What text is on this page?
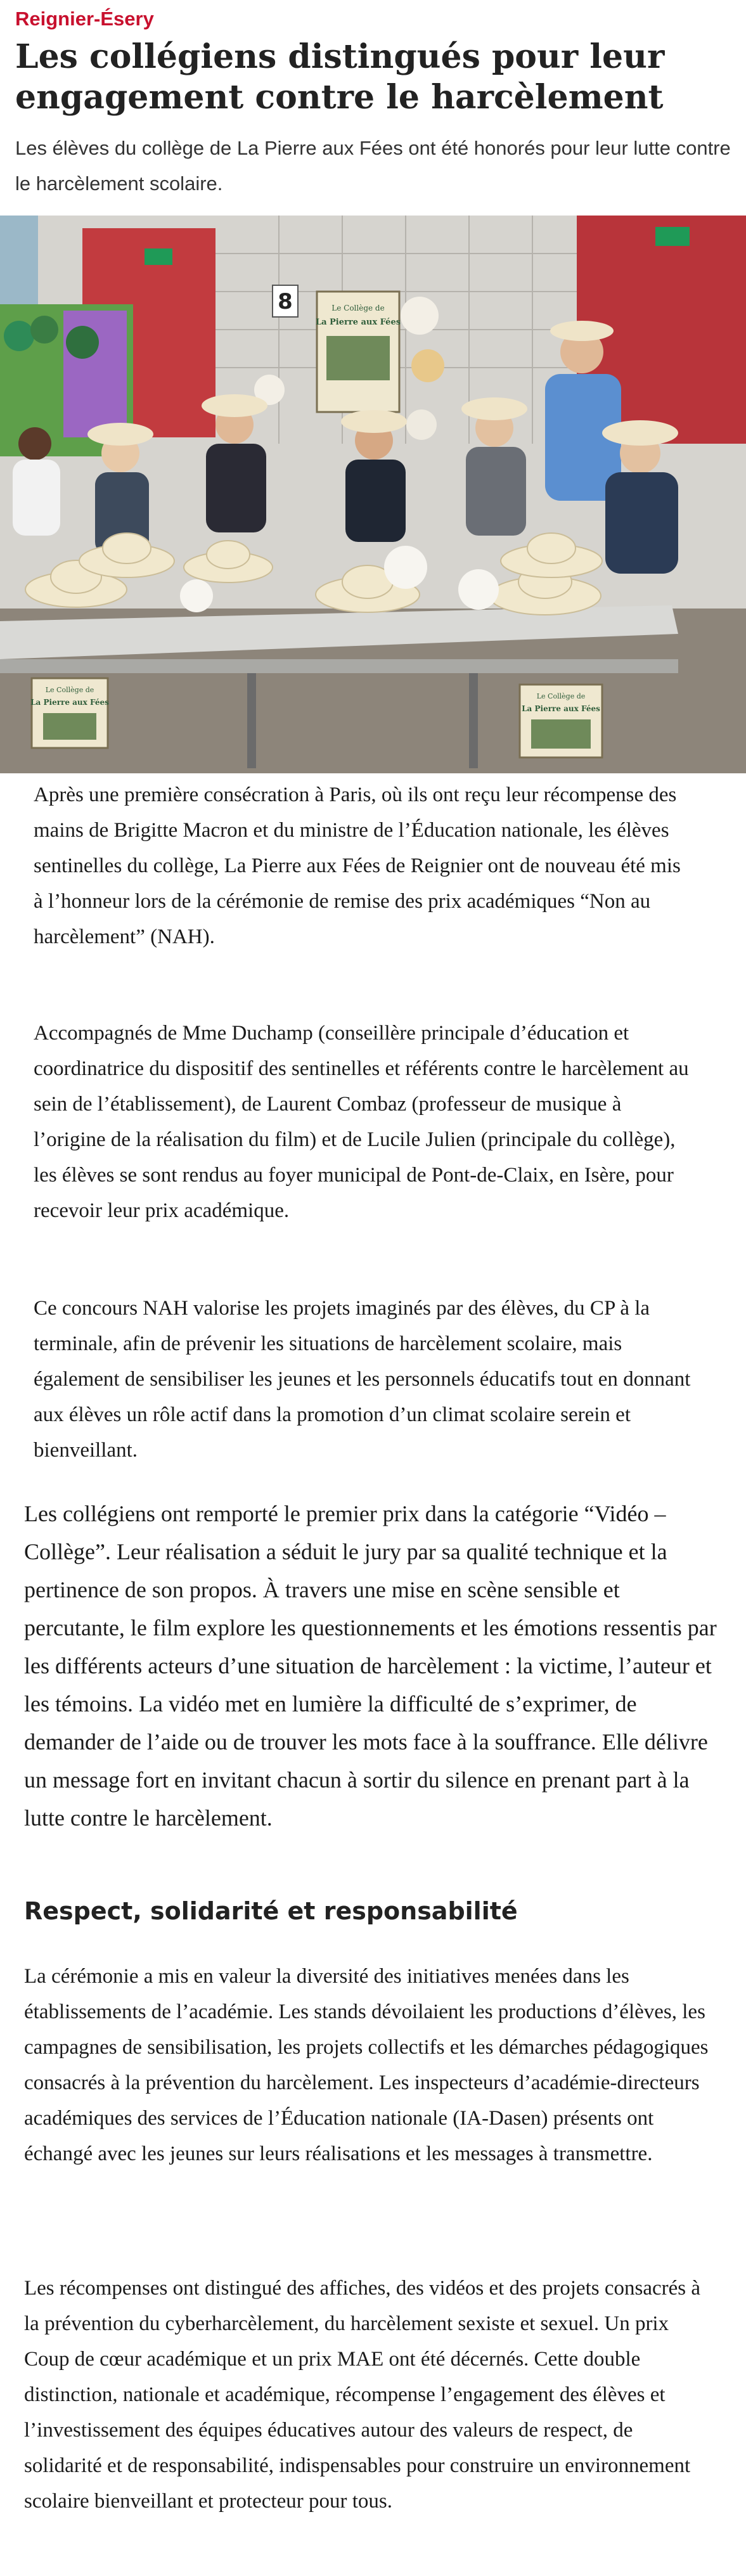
Reignier-Ésery
Les collégiens distingués pour leur engagement contre le harcèlement

Les élèves du collège de La Pierre aux Fées ont été honorés pour leur lutte contre le harcèlement scolaire.

Le Collège de
La Pierre aux Fées
8
Le Collège de
La Pierre aux Fées
Le Collège de
La Pierre aux Fées

Après une première consécration à Paris, où ils ont reçu leur récompense des mains de Brigitte Macron et du ministre de l’Éducation nationale, les élèves sentinelles du collège, La Pierre aux Fées de Reignier ont de nouveau été mis à l’honneur lors de la cérémonie de remise des prix académiques “Non au harcèlement” (NAH).

Accompagnés de Mme Duchamp (conseillère principale d’éducation et coordinatrice du dispositif des sentinelles et référents contre le harcèlement au sein de l’établissement), de Laurent Combaz (professeur de musique à l’origine de la réalisation du film) et de Lucile Julien (principale du collège), les élèves se sont rendus au foyer municipal de Pont-de-Claix, en Isère, pour recevoir leur prix académique.

Ce concours NAH valorise les projets imaginés par des élèves, du CP à la terminale, afin de prévenir les situations de harcèlement scolaire, mais également de sensibiliser les jeunes et les personnels éducatifs tout en donnant aux élèves un rôle actif dans la promotion d’un climat scolaire serein et bienveillant.

Les collégiens ont remporté le premier prix dans la catégorie “Vidéo – Collège”. Leur réalisation a séduit le jury par sa qualité technique et la pertinence de son propos. À travers une mise en scène sensible et percutante, le film explore les questionnements et les émotions ressentis par les différents acteurs d’une situation de harcèlement : la victime, l’auteur et les témoins. La vidéo met en lumière la difficulté de s’exprimer, de demander de l’aide ou de trouver les mots face à la souffrance. Elle délivre un message fort en invitant chacun à sortir du silence en prenant part à la lutte contre le harcèlement.

Respect, solidarité et responsabilité

La cérémonie a mis en valeur la diversité des initiatives menées dans les établissements de l’académie. Les stands dévoilaient les productions d’élèves, les campagnes de sensibilisation, les projets collectifs et les démarches pédagogiques consacrés à la prévention du harcèlement. Les inspecteurs d’académie-directeurs académiques des services de l’Éducation nationale (IA-Dasen) présents ont échangé avec les jeunes sur leurs réalisations et les messages à transmettre.

Les récompenses ont distingué des affiches, des vidéos et des projets consacrés à la prévention du cyberharcèlement, du harcèlement sexiste et sexuel. Un prix Coup de cœur académique et un prix MAE ont été décernés. Cette double distinction, nationale et académique, récompense l’engagement des élèves et l’investissement des équipes éducatives autour des valeurs de respect, de solidarité et de responsabilité, indispensables pour construire un environnement scolaire bienveillant et protecteur pour tous.
